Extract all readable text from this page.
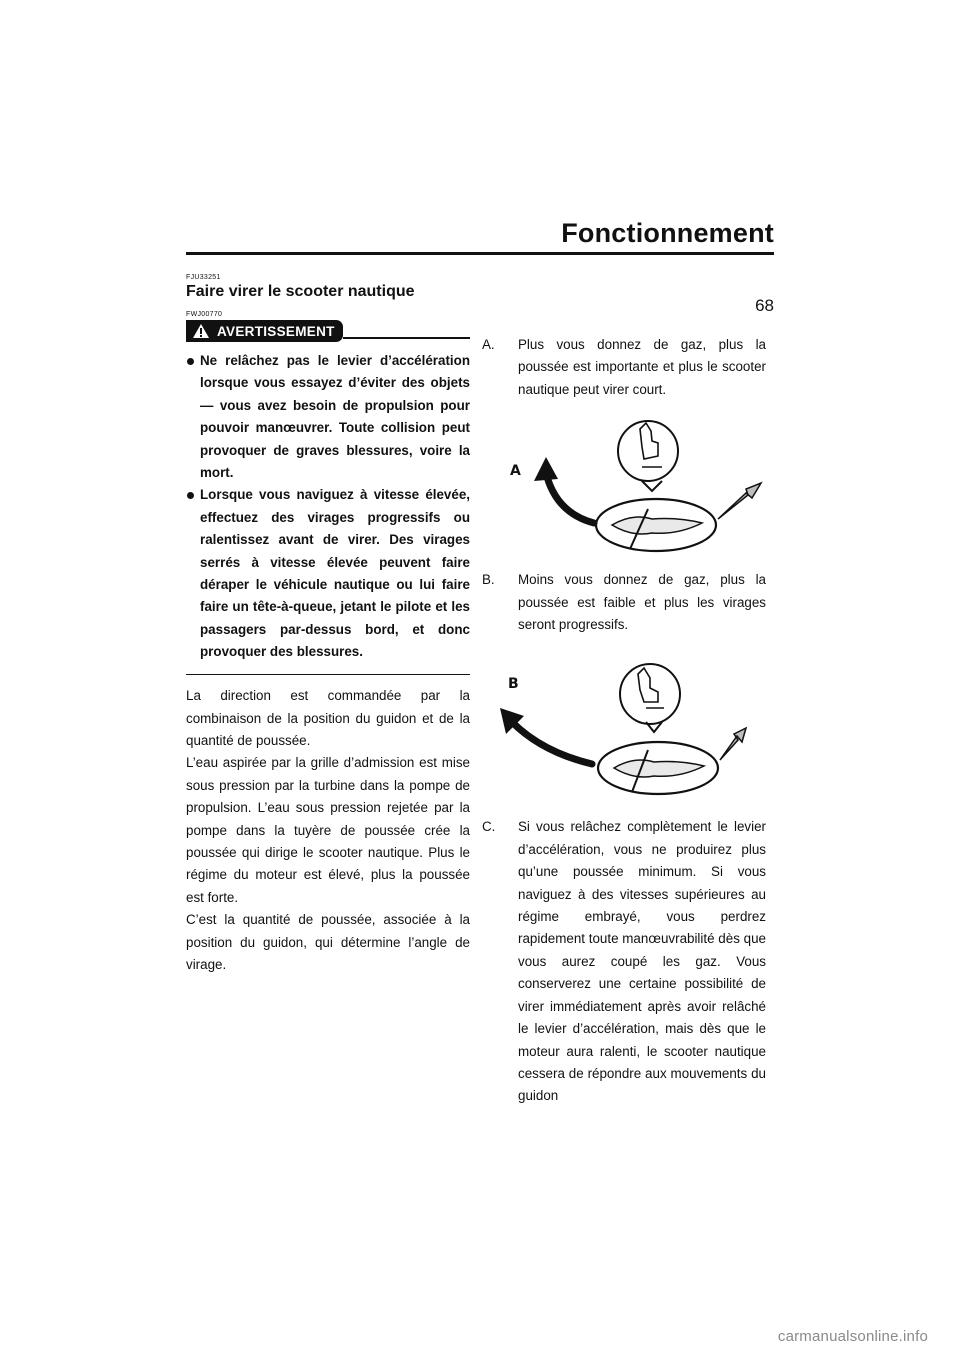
Fonctionnement
68

FJU33251

Faire virer le scooter nautique

FWJ00770

AVERTISSEMENT
Ne relâchez pas le levier d’accélération lorsque vous essayez d’éviter des objets — vous avez besoin de propulsion pour pouvoir manœuvrer. Toute collision peut provoquer de graves blessures, voire la mort.
Lorsque vous naviguez à vitesse élevée, effectuez des virages progressifs ou ralentissez avant de virer. Des virages serrés à vitesse élevée peuvent faire déraper le véhicule nautique ou lui faire faire un tête-à-queue, jetant le pilote et les passagers par-dessus bord, et donc provoquer des blessures.

La direction est commandée par la combinaison de la position du guidon et de la quantité de poussée.

L’eau aspirée par la grille d’admission est mise sous pression par la turbine dans la pompe de propulsion. L’eau sous pression rejetée par la pompe dans la tuyère de poussée crée la poussée qui dirige le scooter nautique. Plus le régime du moteur est élevé, plus la poussée est forte.

C’est la quantité de poussée, associée à la position du guidon, qui détermine l’angle de virage.

A.	Plus vous donnez de gaz, plus la poussée est importante et plus le scooter nautique peut virer court.

A
B.	Moins vous donnez de gaz, plus la poussée est faible et plus les virages seront progressifs.

B
C.	Si vous relâchez complètement le levier d’accélération, vous ne produirez plus qu’une poussée minimum. Si vous naviguez à des vitesses supérieures au régime embrayé, vous perdrez rapidement toute manœuvrabilité dès que vous aurez coupé les gaz. Vous conserverez une certaine possibilité de virer immédiatement après avoir relâché le levier d’accélération, mais dès que le moteur aura ralenti, le scooter nautique cessera de répondre aux mouvements du guidon

carmanualsonline.info
